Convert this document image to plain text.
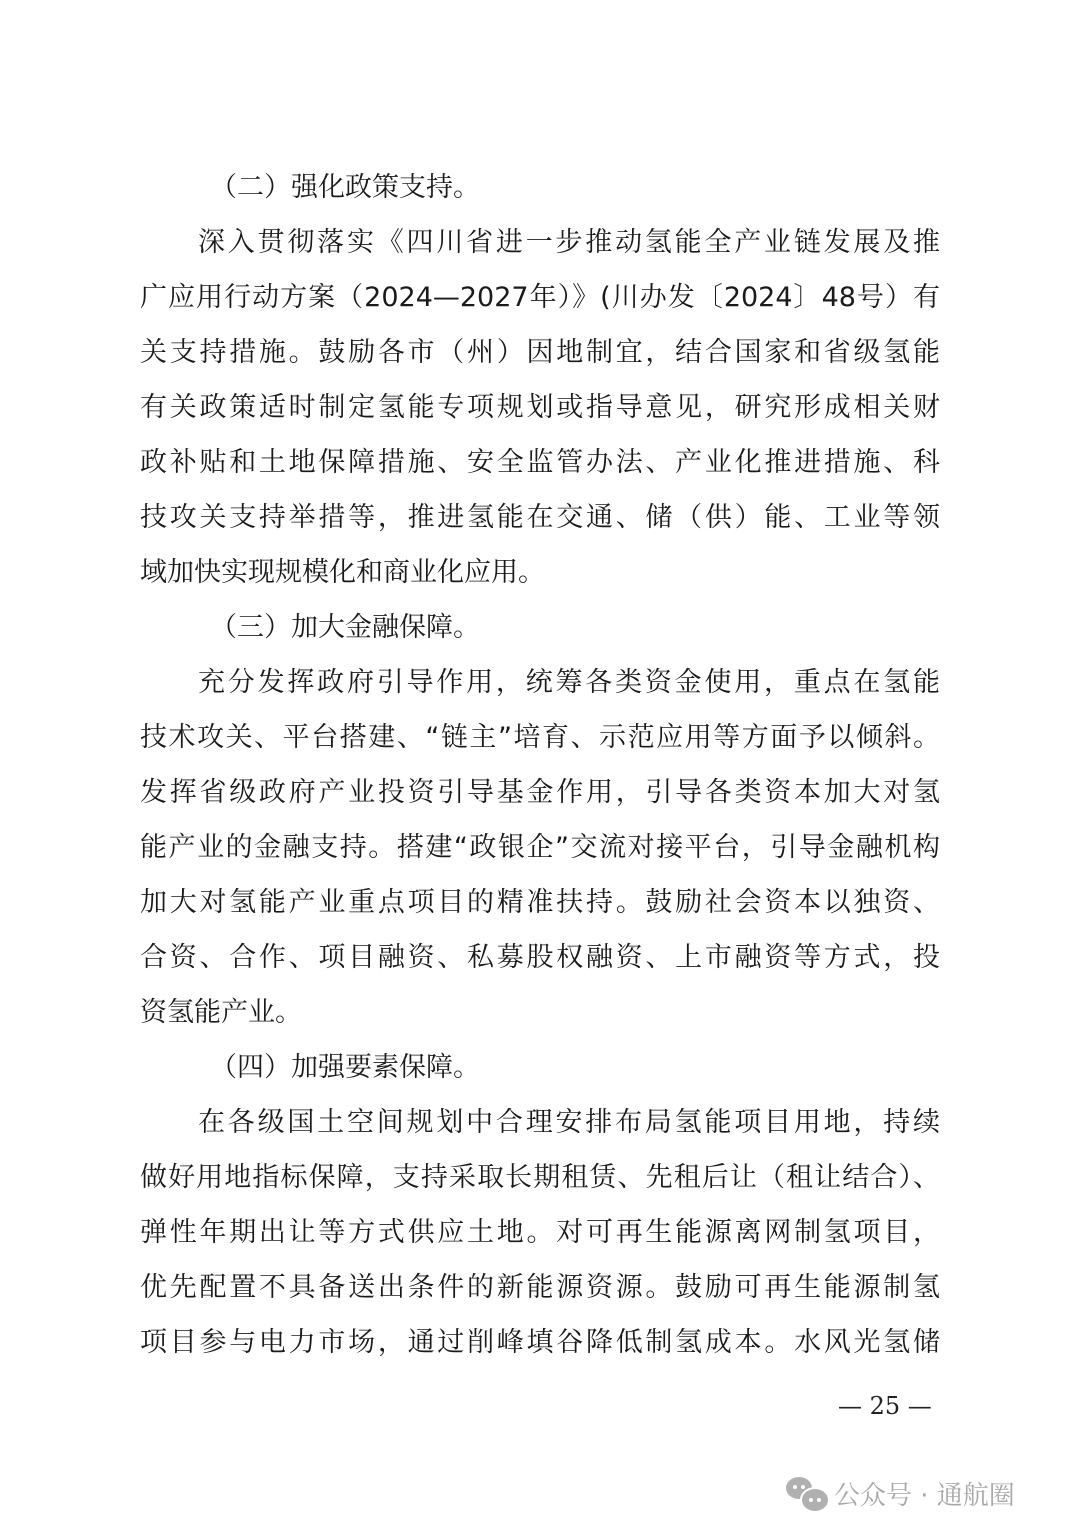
（二）强化政策支持。
深入贯彻落实《四川省进一步推动氢能全产业链发展及推
广应用行动方案（2024—2027年）》(川办发〔2024〕48号）有
关支持措施。鼓励各市（州）因地制宜，结合国家和省级氢能
有关政策适时制定氢能专项规划或指导意见，研究形成相关财
政补贴和土地保障措施、安全监管办法、产业化推进措施、科
技攻关支持举措等，推进氢能在交通、储（供）能、工业等领
域加快实现规模化和商业化应用。
（三）加大金融保障。
充分发挥政府引导作用，统筹各类资金使用，重点在氢能
技术攻关、平台搭建、“链主”培育、示范应用等方面予以倾斜。
发挥省级政府产业投资引导基金作用，引导各类资本加大对氢
能产业的金融支持。搭建“政银企”交流对接平台，引导金融机构
加大对氢能产业重点项目的精准扶持。鼓励社会资本以独资、
合资、合作、项目融资、私募股权融资、上市融资等方式，投
资氢能产业。
（四）加强要素保障。
在各级国土空间规划中合理安排布局氢能项目用地，持续
做好用地指标保障，支持采取长期租赁、先租后让（租让结合）、
弹性年期出让等方式供应土地。对可再生能源离网制氢项目，
优先配置不具备送出条件的新能源资源。鼓励可再生能源制氢
项目参与电力市场，通过削峰填谷降低制氢成本。水风光氢储
— 25 —
公众号 · 通航圈
